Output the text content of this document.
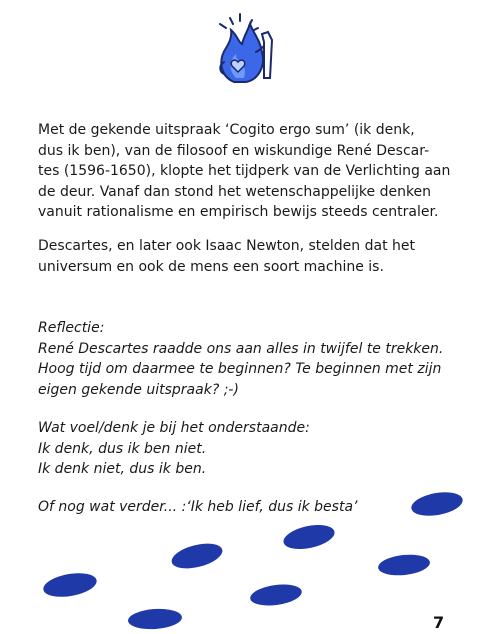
Met de gekende uitspraak ‘Cogito ergo sum’ (ik denk,
dus ik ben), van de filosoof en wiskundige René Descar-
tes (1596-1650), klopte het tijdperk van de Verlichting aan
de deur. Vanaf dan stond het wetenschappelijke denken
vanuit rationalisme en empirisch bewijs steeds centraler.
Descartes, en later ook Isaac Newton, stelden dat het
universum en ook de mens een soort machine is.
Reflectie:
René Descartes raadde ons aan alles in twijfel te trekken.
Hoog tijd om daarmee te beginnen? Te beginnen met zijn
eigen gekende uitspraak? ;-)
Wat voel/denk je bij het onderstaande:
Ik denk, dus ik ben niet.
Ik denk niet, dus ik ben.
Of nog wat verder... :‘Ik heb lief, dus ik besta’
7
